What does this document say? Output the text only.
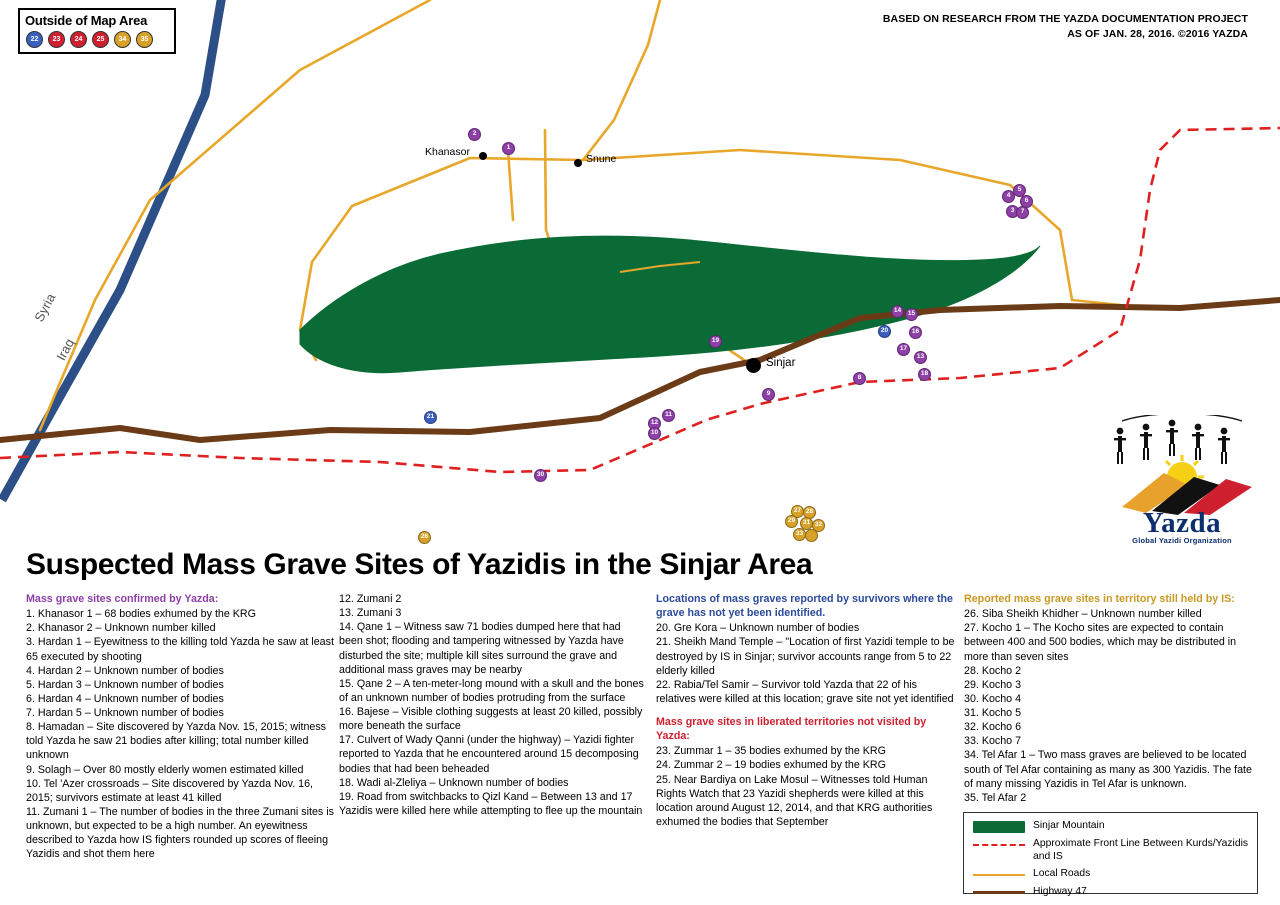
Outside of Map Area
22	23	24	25	34	35
BASED ON RESEARCH FROM THE YAZDA DOCUMENTATION PROJECT
AS OF JAN. 28, 2016. ©2016 YAZDA
Syria
Iraq
Khanasor
Snune
Sinjar
2
1
5
4
6
3 7
14	15
20	16
17
13
19
8
18
9
21	11
12
10
30
26
27 28
29	31 32
33	Yazda
Global Yazidi Organization
Suspected Mass Grave Sites of Yazidis in the Sinjar Area
Mass grave sites confirmed by Yazda:
1. Khanasor 1 – 68 bodies exhumed by the KRG
2. Khanasor 2 – Unknown number killed
3. Hardan 1 – Eyewitness to the killing told Yazda he saw at least 65 executed by shooting
4. Hardan 2 – Unknown number of bodies
5. Hardan 3 – Unknown number of bodies
6. Hardan 4 – Unknown number of bodies
7. Hardan 5 – Unknown number of bodies
8. Hamadan – Site discovered by Yazda Nov. 15, 2015; witness told Yazda he saw 21 bodies after killing; total number killed unknown
9. Solagh – Over 80 mostly elderly women estimated killed
10. Tel 'Azer crossroads – Site discovered by Yazda Nov. 16, 2015; survivors estimate at least 41 killed
11. Zumani 1 – The number of bodies in the three Zumani sites is unknown, but expected to be a high number. An eyewitness described to Yazda how IS fighters rounded up scores of fleeing Yazidis and shot them here
12. Zumani 2
13. Zumani 3
14. Qane 1 – Witness saw 71 bodies dumped here that had been shot; flooding and tampering witnessed by Yazda have disturbed the site; multiple kill sites surround the grave and additional mass graves may be nearby
15. Qane 2 – A ten-meter-long mound with a skull and the bones of an unknown number of bodies protruding from the surface
16. Bajese – Visible clothing suggests at least 20 killed, possibly more beneath the surface
17. Culvert of Wady Qanni (under the highway) – Yazidi fighter reported to Yazda that he encountered around 15 decomposing bodies that had been beheaded
18. Wadi al-Zleliya – Unknown number of bodies
19. Road from switchbacks to Qizl Kand – Between 13 and 17 Yazidis were killed here while attempting to flee up the mountain
Locations of mass graves reported by survivors where the grave has not yet been identified.
20. Gre Kora – Unknown number of bodies
21. Sheikh Mand Temple – "Location of first Yazidi temple to be destroyed by IS in Sinjar; survivor accounts range from 5 to 22 elderly killed
22. Rabia/Tel Samir – Survivor told Yazda that 22 of his relatives were killed at this location; grave site not yet identified
Mass grave sites in liberated territories not visited by Yazda:
23. Zummar 1 – 35 bodies exhumed by the KRG
24. Zummar 2 – 19 bodies exhumed by the KRG
25. Near Bardiya on Lake Mosul – Witnesses told Human Rights Watch that 23 Yazidi shepherds were killed at this location around August 12, 2014, and that KRG authorities exhumed the bodies that September
Reported mass grave sites in territory still held by IS:
26. Siba Sheikh Khidher – Unknown number killed
27. Kocho 1 – The Kocho sites are expected to contain between 400 and 500 bodies, which may be distributed in more than seven sites
28. Kocho 2
29. Kocho 3
30. Kocho 4
31. Kocho 5
32. Kocho 6
33. Kocho 7
34. Tel Afar 1 – Two mass graves are believed to be located south of Tel Afar containing as many as 300 Yazidis. The fate of many missing Yazidis in Tel Afar is unknown.
35. Tel Afar 2
Sinjar Mountain
Approximate Front Line Between Kurds/Yazidis and IS
Local Roads
Highway 47
